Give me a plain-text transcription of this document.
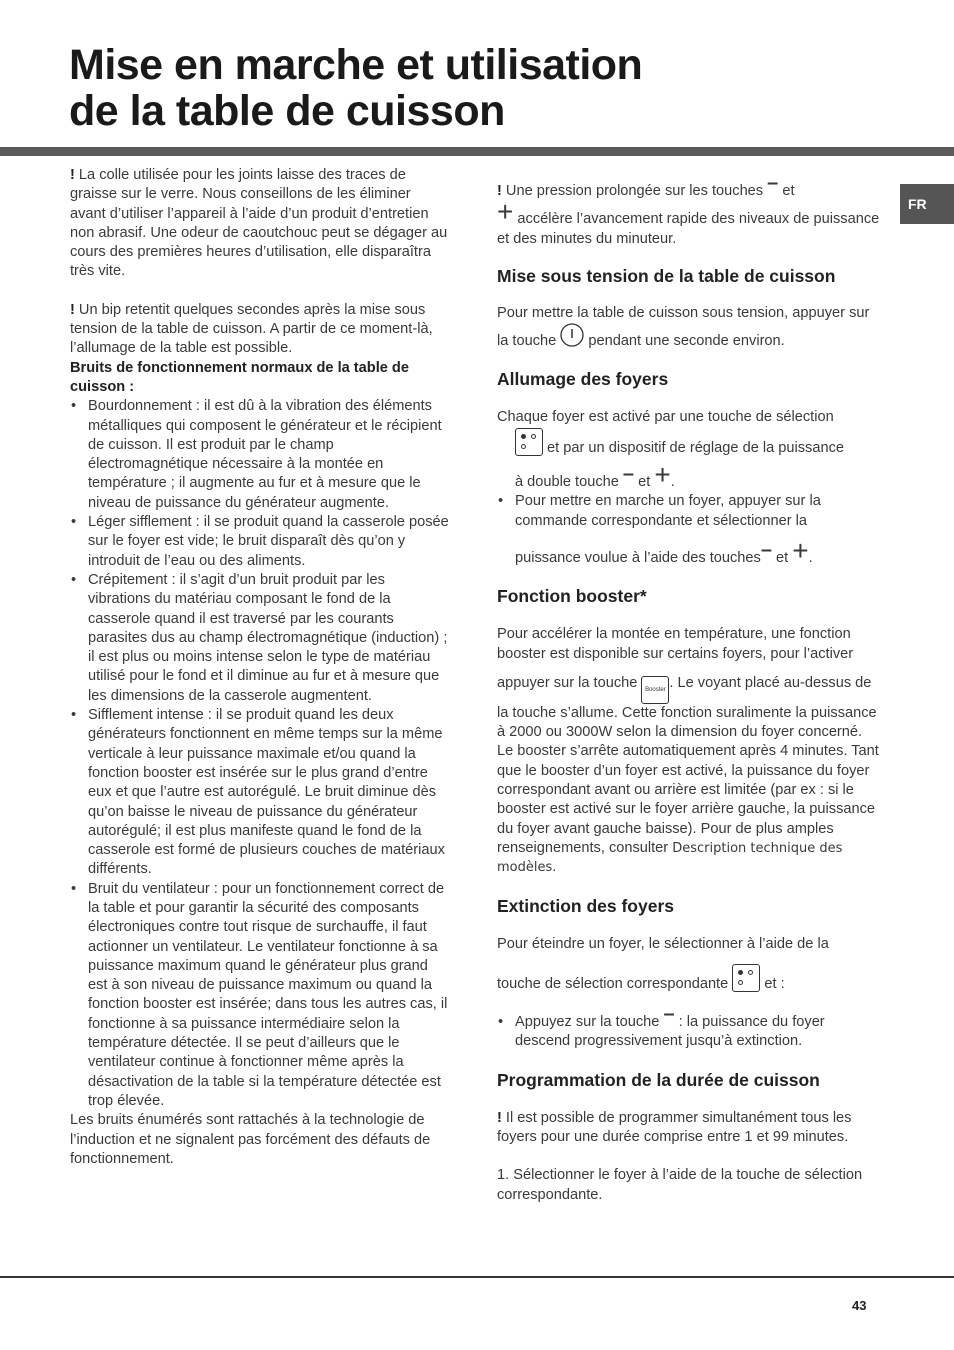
Mise en marche et utilisation
de la table de cuisson
FR

! La colle utilisée pour les joints laisse des traces de graisse sur le verre. Nous conseillons de les éliminer avant d’utiliser l’appareil à l’aide d’un produit d’entretien non abrasif. Une odeur de caoutchouc peut se dégager au cours des premières heures d’utilisation, elle disparaîtra très vite.

! Un bip retentit quelques secondes après la mise sous tension de la table de cuisson. A partir de ce moment-là, l’allumage de la table est possible.

Bruits de fonctionnement normaux de la table de cuisson :

• Bourdonnement : il est dû à la vibration des éléments métalliques qui composent le générateur et le récipient de cuisson. Il est produit par le champ électromagnétique nécessaire à la montée en température ; il augmente au fur et à mesure que le niveau de puissance du générateur augmente.
• Léger sifflement : il se produit quand la casserole posée sur le foyer est vide; le bruit disparaît dès qu’on y introduit de l’eau ou des aliments.
• Crépitement : il s’agit d’un bruit produit par les vibrations du matériau composant le fond de la casserole quand il est traversé par les courants parasites dus au champ électromagnétique (induction) ; il est plus ou moins intense selon le type de matériau utilisé pour le fond et il diminue au fur et à mesure que les dimensions de la casserole augmentent.
• Sifflement intense : il se produit quand les deux générateurs fonctionnent en même temps sur la même verticale à leur puissance maximale et/ou quand la fonction booster est insérée sur le plus grand d’entre eux et que l’autre est autorégulé. Le bruit diminue dès qu’on baisse le niveau de puissance du générateur autorégulé; il est plus manifeste quand le fond de la casserole est formé de plusieurs couches de matériaux différents.
• Bruit du ventilateur : pour un fonctionnement correct de la table et pour garantir la sécurité des composants électroniques contre tout risque de surchauffe, il faut actionner un ventilateur. Le ventilateur fonctionne à sa puissance maximum quand le générateur plus grand est à son niveau de puissance maximum ou quand la fonction booster est insérée; dans tous les autres cas, il fonctionne à sa puissance intermédiaire selon la température détectée. Il se peut d’ailleurs que le ventilateur continue à fonctionner même après la désactivation de la table si la température détectée est trop élevée.

Les bruits énumérés sont rattachés à la technologie de l’induction et ne signalent pas forcément des défauts de fonctionnement.

! Une pression prolongée sur les touches – et

+ accélère l’avancement rapide des niveaux de puissance et des minutes du minuteur.

Mise sous tension de la table de cuisson

Pour mettre la table de cuisson sous tension, appuyer sur la touche  pendant une seconde environ.

Allumage des foyers

Chaque foyer est activé par une touche de sélection

et par un dispositif de réglage de la puissance

à double touche – et +.

• Pour mettre en marche un foyer, appuyer sur la commande correspondante et sélectionner la
puissance voulue à l’aide des touches– et +.
Fonction booster*

Pour accélérer la montée en température, une fonction booster est disponible sur certains foyers, pour l’activer

appuyer sur la touche Booster . Le voyant placé au-dessus de la touche s’allume. Cette fonction suralimente la puissance à 2000 ou 3000W selon la dimension du foyer concerné.

Le booster s’arrête automatiquement après 4 minutes. Tant que le booster d’un foyer est activé, la puissance du foyer correspondant avant ou arrière est limitée (par ex : si le booster est activé sur le foyer arrière gauche, la puissance du foyer avant gauche baisse). Pour de plus amples renseignements, consulter Description technique des modèles.

Extinction des foyers

Pour éteindre un foyer, le sélectionner à l’aide de la

touche de sélection correspondante
et :

• Appuyez sur la touche – : la puissance du foyer descend progressivement jusqu’à extinction.
Programmation de la durée de cuisson

! Il est possible de programmer simultanément tous les foyers pour une durée comprise entre 1 et 99 minutes.

1. Sélectionner le foyer à l’aide de la touche de sélection correspondante.

43
